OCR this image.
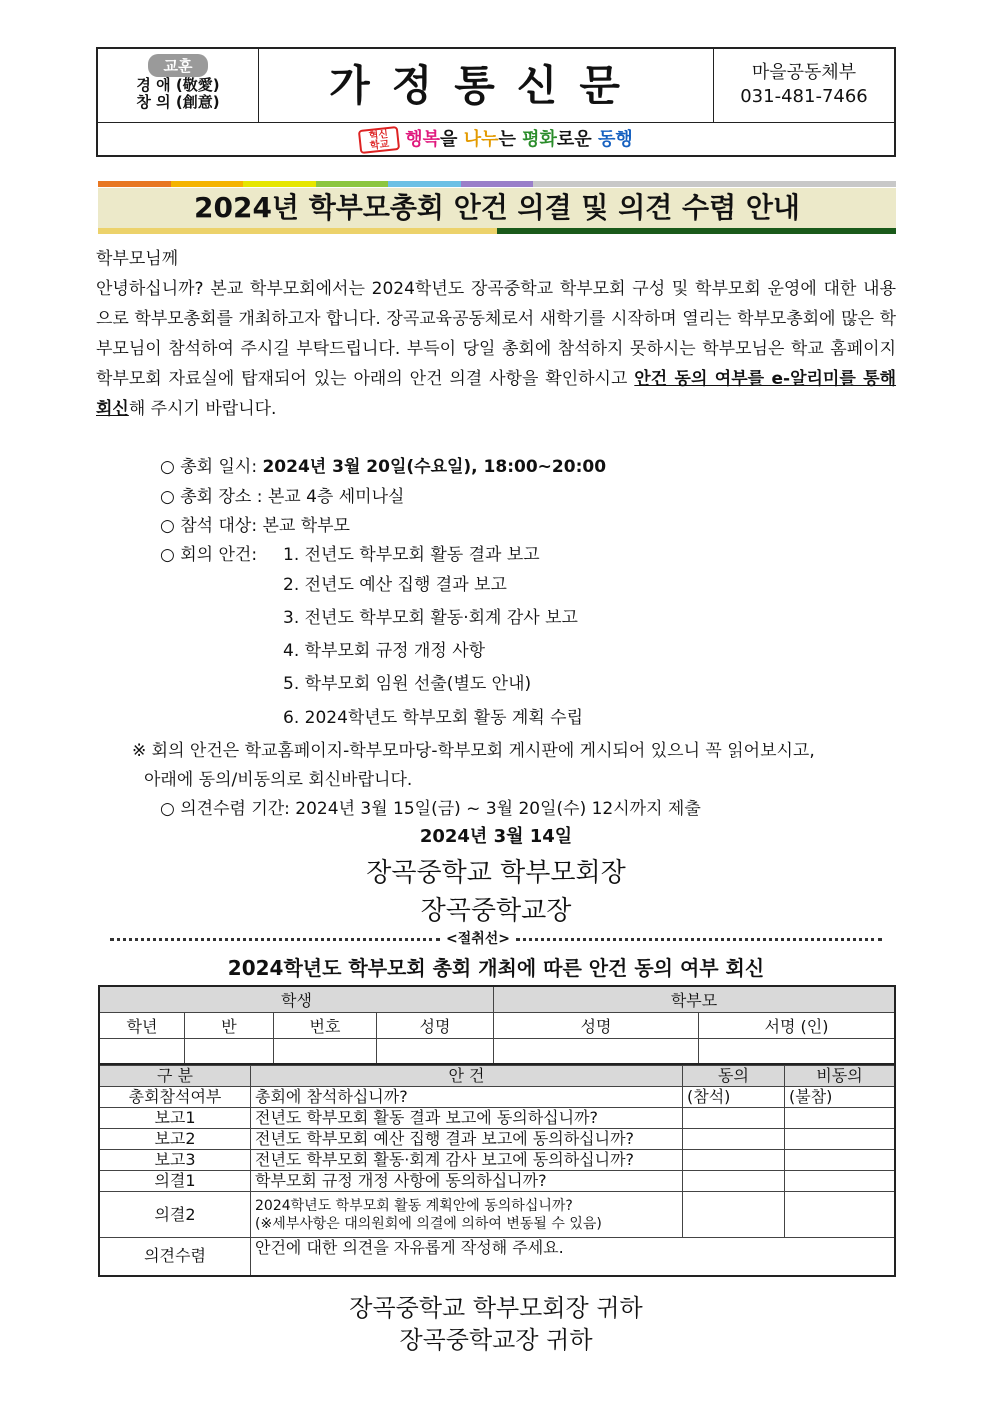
교훈
경 애 (敬愛)
창 의 (創意)	가정통신문	마을공동체부
031-481-7466
혁신
학교 행복을 나누는 평화로운 동행
2024년 학부모총회 안건 의결 및 의견 수렴 안내
학부모님께
안녕하십니까? 본교 학부모회에서는 2024학년도 장곡중학교 학부모회 구성 및 학부모회 운영에 대한 내용으로 학부모총회를 개최하고자 합니다. 장곡교육공동체로서 새학기를 시작하며 열리는 학부모총회에 많은 학부모님이 참석하여 주시길 부탁드립니다. 부득이 당일 총회에 참석하지 못하시는 학부모님은 학교 홈페이지 학부모회 자료실에 탑재되어 있는 아래의 안건 의결 사항을 확인하시고 안건 동의 여부를 e-알리미를 통해 회신해 주시기 바랍니다.
○ 총회 일시: 2024년 3월 20일(수요일), 18:00~20:00
○ 총회 장소 : 본교 4층 세미나실
○ 참석 대상: 본교 학부모
○ 회의 안건: 1. 전년도 학부모회 활동 결과 보고
2. 전년도 예산 집행 결과 보고
3. 전년도 학부모회 활동·회계 감사 보고
4. 학부모회 규정 개정 사항
5. 학부모회 임원 선출(별도 안내)
6. 2024학년도 학부모회 활동 계획 수립
※ 회의 안건은 학교홈페이지-학부모마당-학부모회 게시판에 게시되어 있으니 꼭 읽어보시고,
아래에 동의/비동의로 회신바랍니다.
○ 의견수렴 기간: 2024년 3월 15일(금) ~ 3월 20일(수) 12시까지 제출
2024년 3월 14일
장곡중학교 학부모회장
장곡중학교장
<절취선>
2024학년도 학부모회 총회 개최에 따른 안건 동의 여부 회신
학생				학부모	
학년	반	번호	성명	성명	서명 (인)

구 분	안 건	동의	비동의
총회참석여부	총회에 참석하십니까?	(참석)	(불참)
보고1	전년도 학부모회 활동 결과 보고에 동의하십니까?		
보고2	전년도 학부모회 예산 집행 결과 보고에 동의하십니까?		
보고3	전년도 학부모회 활동·회계 감사 보고에 동의하십니까?		
의결1	학부모회 규정 개정 사항에 동의하십니까?		
의결2	2024학년도 학부모회 활동 계획안에 동의하십니까?
(※세부사항은 대의원회에 의결에 의하여 변동될 수 있음)		

의견수렴	안건에 대한 의견을 자유롭게 작성해 주세요.		
장곡중학교 학부모회장 귀하
장곡중학교장 귀하
